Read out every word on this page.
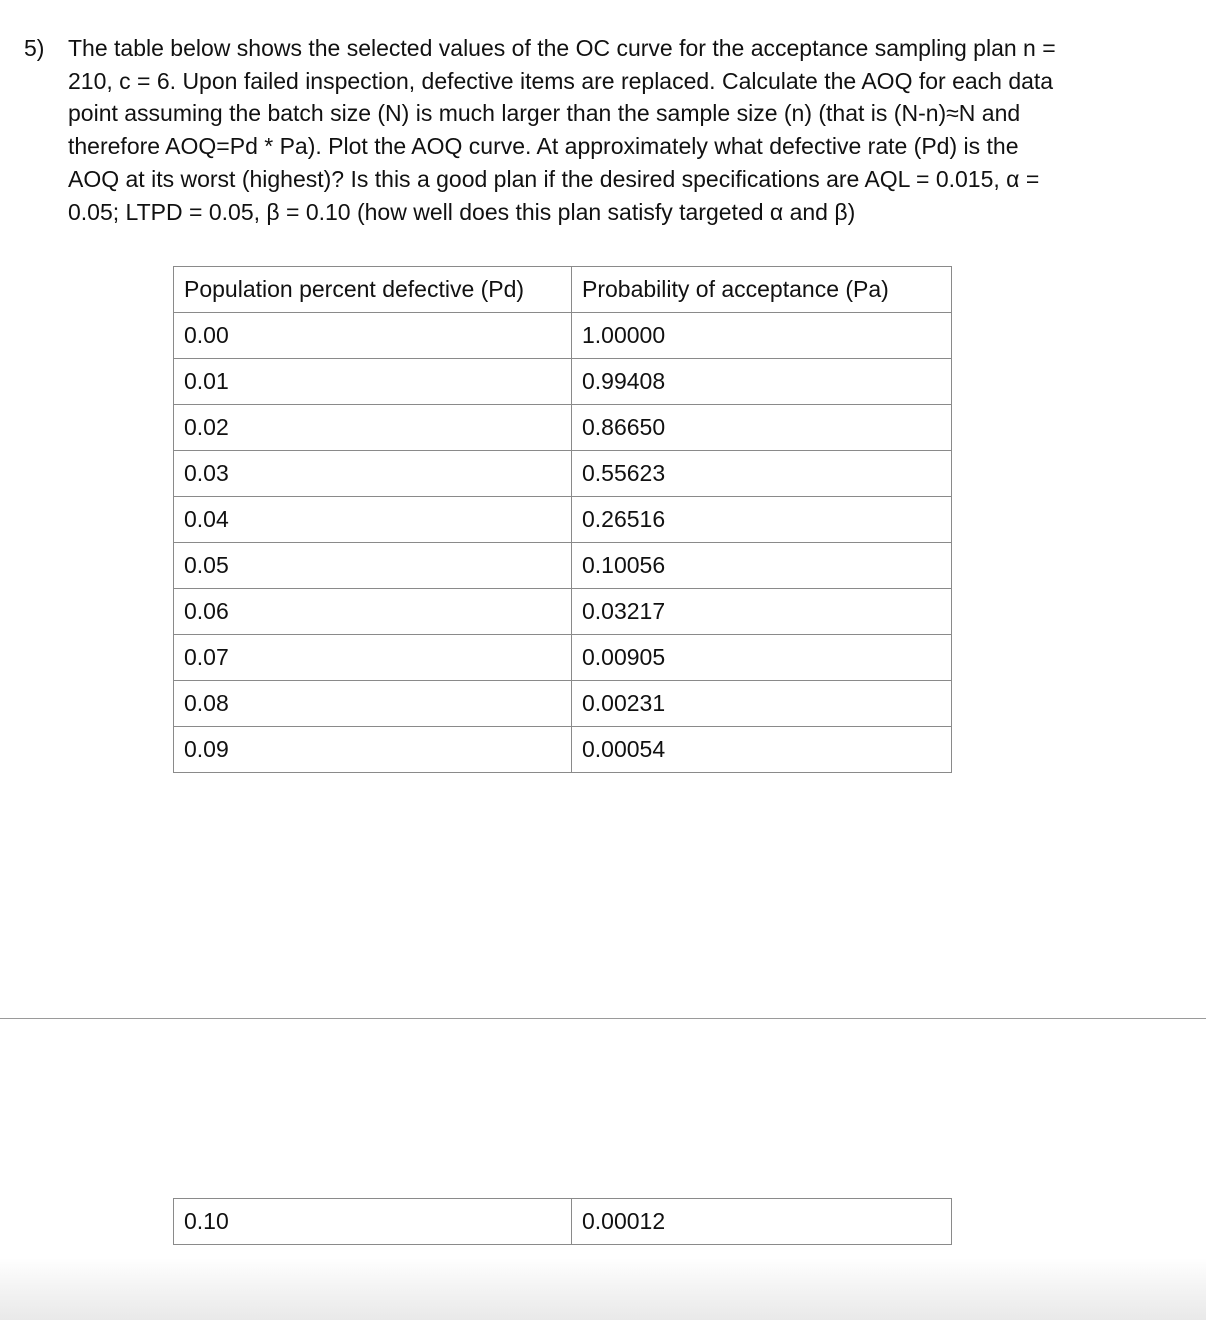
5) The table below shows the selected values of the OC curve for the acceptance sampling plan n =
210, c = 6. Upon failed inspection, defective items are replaced. Calculate the AOQ for each data
point assuming the batch size (N) is much larger than the sample size (n) (that is (N-n)≈N and
therefore AOQ=Pd * Pa). Plot the AOQ curve. At approximately what defective rate (Pd) is the
AOQ at its worst (highest)? Is this a good plan if the desired specifications are AQL = 0.015, α =
0.05; LTPD = 0.05, β = 0.10 (how well does this plan satisfy targeted α and β)
Population percent defective (Pd)	Probability of acceptance (Pa)
0.00	1.00000
0.01	0.99408
0.02	0.86650
0.03	0.55623
0.04	0.26516
0.05	0.10056
0.06	0.03217
0.07	0.00905
0.08	0.00231
0.09	0.00054
0.10	0.00012
